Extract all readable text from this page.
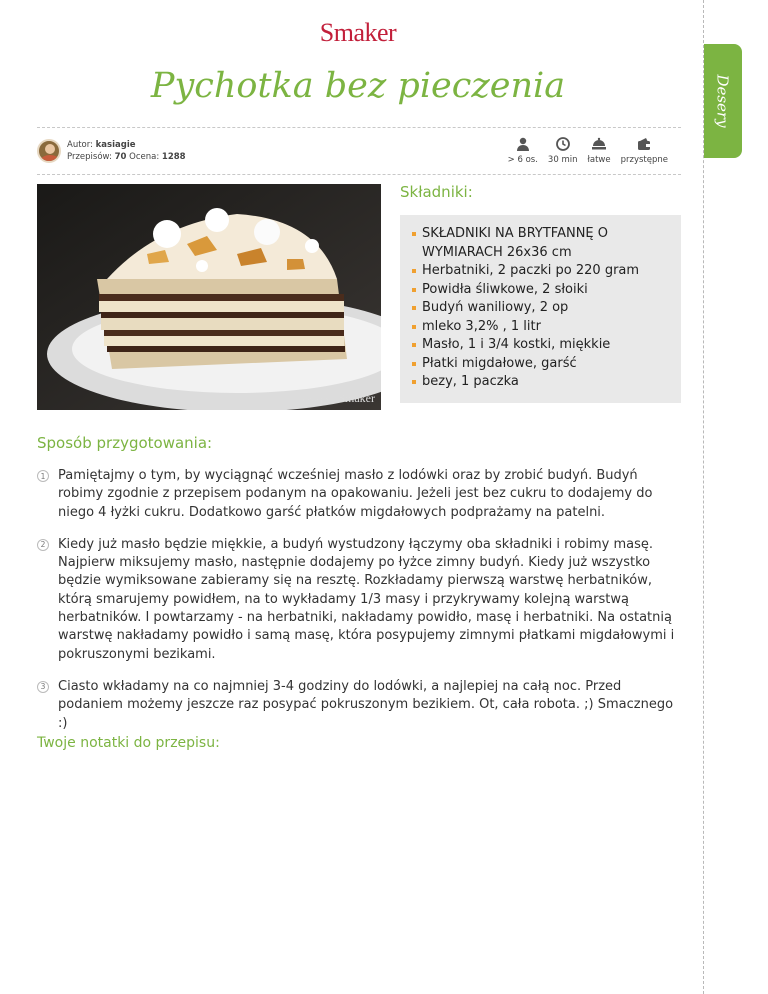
Desery
Smaker
Pychotka bez pieczenia
Autor: kasiagie
Przepisów: 70 Ocena: 1288	> 6 os. 30 min łatwe przystępne
kasiagie | Smaker
Składniki:
SKŁADNIKI NA BRYTFANNĘ O WYMIARACH 26x36 cm
Herbatniki, 2 paczki po 220 gram
Powidła śliwkowe, 2 słoiki
Budyń waniliowy, 2 op
mleko 3,2% , 1 litr
Masło, 1 i 3/4 kostki, miękkie
Płatki migdałowe, garść
bezy, 1 paczka
Sposób przygotowania:
1 Pamiętajmy o tym, by wyciągnąć wcześniej masło z lodówki oraz by zrobić budyń. Budyń robimy zgodnie z przepisem podanym na opakowaniu. Jeżeli jest bez cukru to dodajemy do niego 4 łyżki cukru. Dodatkowo garść płatków migdałowych podprażamy na patelni.
2 Kiedy już masło będzie miękkie, a budyń wystudzony łączymy oba składniki i robimy masę. Najpierw miksujemy masło, następnie dodajemy po łyżce zimny budyń. Kiedy już wszystko będzie wymiksowane zabieramy się na resztę. Rozkładamy pierwszą warstwę herbatników, którą smarujemy powidłem, na to wykładamy 1/3 masy i przykrywamy kolejną warstwą herbatników. I powtarzamy - na herbatniki, nakładamy powidło, masę i herbatniki. Na ostatnią warstwę nakładamy powidło i samą masę, która posypujemy zimnymi płatkami migdałowymi i pokruszonymi bezikami.
3 Ciasto wkładamy na co najmniej 3-4 godziny do lodówki, a najlepiej na całą noc. Przed podaniem możemy jeszcze raz posypać pokruszonym bezikiem. Ot, cała robota. ;) Smacznego :)
Twoje notatki do przepisu:
